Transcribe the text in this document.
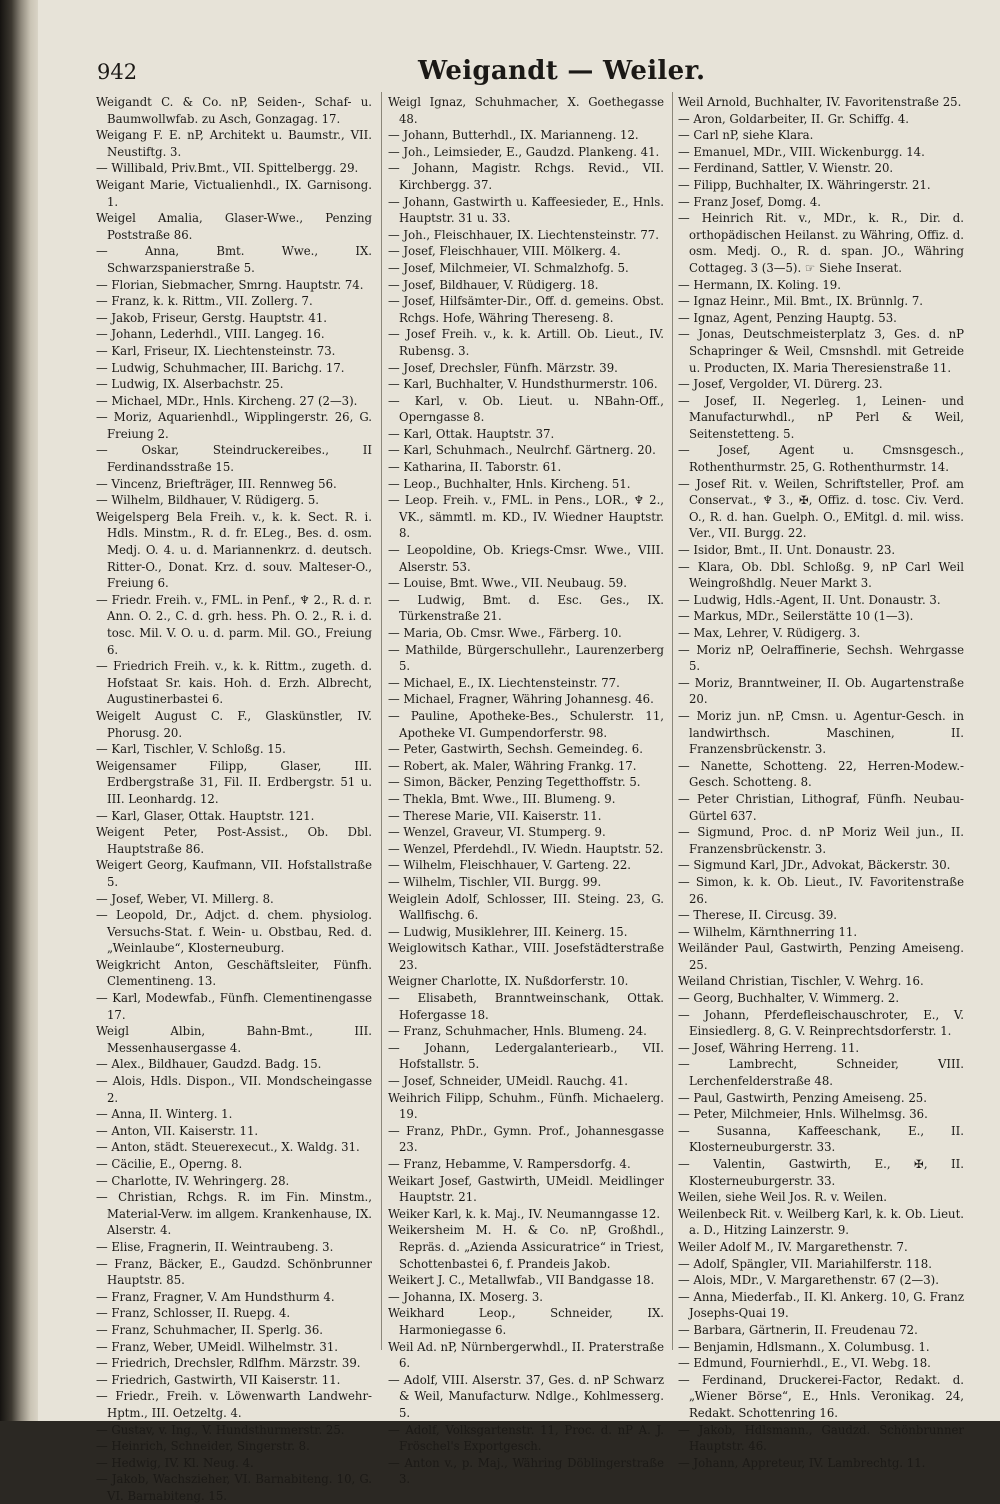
942	Weigandt — Weiler.

Weigandt C. & Co. nP, Seiden-, Schaf- u. Baumwollwfab. zu Asch, Gonzagag. 17.

Weigang F. E. nP, Architekt u. Baumstr., VII. Neustiftg. 3.

— Willibald, Priv.Bmt., VII. Spittelbergg. 29.

Weigant Marie, Victualienhdl., IX. Garnisong. 1.

Weigel Amalia, Glaser-Wwe., Penzing Poststraße 86.

— Anna, Bmt. Wwe., IX. Schwarzspanierstraße 5.

— Florian, Siebmacher, Smrng. Hauptstr. 74.

— Franz, k. k. Rittm., VII. Zollerg. 7.

— Jakob, Friseur, Gerstg. Hauptstr. 41.

— Johann, Lederhdl., VIII. Langeg. 16.

— Karl, Friseur, IX. Liechtensteinstr. 73.

— Ludwig, Schuhmacher, III. Barichg. 17.

— Ludwig, IX. Alserbachstr. 25.

— Michael, MDr., Hnls. Kircheng. 27 (2—3).

— Moriz, Aquarienhdl., Wipplingerstr. 26, G. Freiung 2.

— Oskar, Steindruckereibes., II Ferdinandsstraße 15.

— Vincenz, Briefträger, III. Rennweg 56.

— Wilhelm, Bildhauer, V. Rüdigerg. 5.

Weigelsperg Bela Freih. v., k. k. Sect. R. i. Hdls. Minstm., R. d. fr. ELeg., Bes. d. osm. Medj. O. 4. u. d. Mariannenkrz. d. deutsch. Ritter-O., Donat. Krz. d. souv. Malteser-O., Freiung 6.

— Friedr. Freih. v., FML. in Penf., ♆ 2., R. d. r. Ann. O. 2., C. d. grh. hess. Ph. O. 2., R. i. d. tosc. Mil. V. O. u. d. parm. Mil. GO., Freiung 6.

— Friedrich Freih. v., k. k. Rittm., zugeth. d. Hofstaat Sr. kais. Hoh. d. Erzh. Albrecht, Augustinerbastei 6.

Weigelt August C. F., Glaskünstler, IV. Phorusg. 20.

— Karl, Tischler, V. Schloßg. 15.

Weigensamer Filipp, Glaser, III. Erdbergstraße 31, Fil. II. Erdbergstr. 51 u. III. Leonhardg. 12.

— Karl, Glaser, Ottak. Hauptstr. 121.

Weigent Peter, Post-Assist., Ob. Dbl. Hauptstraße 86.

Weigert Georg, Kaufmann, VII. Hofstallstraße 5.

— Josef, Weber, VI. Millerg. 8.

— Leopold, Dr., Adjct. d. chem. physiolog. Versuchs-Stat. f. Wein- u. Obstbau, Red. d. „Weinlaube“, Klosterneuburg.

Weigkricht Anton, Geschäftsleiter, Fünfh. Clementineng. 13.

— Karl, Modewfab., Fünfh. Clementinengasse 17.

Weigl Albin, Bahn-Bmt., III. Messenhausergasse 4.

— Alex., Bildhauer, Gaudzd. Badg. 15.

— Alois, Hdls. Dispon., VII. Mondscheingasse 2.

— Anna, II. Winterg. 1.

— Anton, VII. Kaiserstr. 11.

— Anton, städt. Steuerexecut., X. Waldg. 31.

— Cäcilie, E., Operng. 8.

— Charlotte, IV. Wehringerg. 28.

— Christian, Rchgs. R. im Fin. Minstm., Material-Verw. im allgem. Krankenhause, IX. Alserstr. 4.

— Elise, Fragnerin, II. Weintraubeng. 3.

— Franz, Bäcker, E., Gaudzd. Schönbrunner Hauptstr. 85.

— Franz, Fragner, V. Am Hundsthurm 4.

— Franz, Schlosser, II. Ruepg. 4.

— Franz, Schuhmacher, II. Sperlg. 36.

— Franz, Weber, UMeidl. Wilhelmstr. 31.

— Friedrich, Drechsler, Rdlfhm. Märzstr. 39.

— Friedrich, Gastwirth, VII Kaiserstr. 11.

— Friedr., Freih. v. Löwenwarth Landwehr-Hptm., III. Oetzeltg. 4.

— Gustav, v. Ing., V. Hundsthurmerstr. 25.

— Heinrich, Schneider, Singerstr. 8.

— Hedwig, IV. Kl. Neug. 4.

— Jakob, Wachszieher, VI. Barnabiteng. 10, G. VI. Barnabiteng. 15.

Weigl Ignaz, Schuhmacher, X. Goethegasse 48.

— Johann, Butterhdl., IX. Marianneng. 12.

— Joh., Leimsieder, E., Gaudzd. Plankeng. 41.

— Johann, Magistr. Rchgs. Revid., VII. Kirchbergg. 37.

— Johann, Gastwirth u. Kaffeesieder, E., Hnls. Hauptstr. 31 u. 33.

— Joh., Fleischhauer, IX. Liechtensteinstr. 77.

— Josef, Fleischhauer, VIII. Mölkerg. 4.

— Josef, Milchmeier, VI. Schmalzhofg. 5.

— Josef, Bildhauer, V. Rüdigerg. 18.

— Josef, Hilfsämter-Dir., Off. d. gemeins. Obst. Rchgs. Hofe, Währing Thereseng. 8.

— Josef Freih. v., k. k. Artill. Ob. Lieut., IV. Rubensg. 3.

— Josef, Drechsler, Fünfh. Märzstr. 39.

— Karl, Buchhalter, V. Hundsthurmerstr. 106.

— Karl, v. Ob. Lieut. u. NBahn-Off., Operngasse 8.

— Karl, Ottak. Hauptstr. 37.

— Karl, Schuhmach., Neulrchf. Gärtnerg. 20.

— Katharina, II. Taborstr. 61.

— Leop., Buchhalter, Hnls. Kircheng. 51.

— Leop. Freih. v., FML. in Pens., LOR., ♆ 2., VK., sämmtl. m. KD., IV. Wiedner Hauptstr. 8.

— Leopoldine, Ob. Kriegs-Cmsr. Wwe., VIII. Alserstr. 53.

— Louise, Bmt. Wwe., VII. Neubaug. 59.

— Ludwig, Bmt. d. Esc. Ges., IX. Türkenstraße 21.

— Maria, Ob. Cmsr. Wwe., Färberg. 10.

— Mathilde, Bürgerschullehr., Laurenzerberg 5.

— Michael, E., IX. Liechtensteinstr. 77.

— Michael, Fragner, Währing Johannesg. 46.

— Pauline, Apotheke-Bes., Schulerstr. 11, Apotheke VI. Gumpendorferstr. 98.

— Peter, Gastwirth, Sechsh. Gemeindeg. 6.

— Robert, ak. Maler, Währing Frankg. 17.

— Simon, Bäcker, Penzing Tegetthoffstr. 5.

— Thekla, Bmt. Wwe., III. Blumeng. 9.

— Therese Marie, VII. Kaiserstr. 11.

— Wenzel, Graveur, VI. Stumperg. 9.

— Wenzel, Pferdehdl., IV. Wiedn. Hauptstr. 52.

— Wilhelm, Fleischhauer, V. Garteng. 22.

— Wilhelm, Tischler, VII. Burgg. 99.

Weiglein Adolf, Schlosser, III. Steing. 23, G. Wallfischg. 6.

— Ludwig, Musiklehrer, III. Keinerg. 15.

Weiglowitsch Kathar., VIII. Josefstädterstraße 23.

Weigner Charlotte, IX. Nußdorferstr. 10.

— Elisabeth, Branntweinschank, Ottak. Hofergasse 18.

— Franz, Schuhmacher, Hnls. Blumeng. 24.

— Johann, Ledergalanteriearb., VII. Hofstallstr. 5.

— Josef, Schneider, UMeidl. Rauchg. 41.

Weihrich Filipp, Schuhm., Fünfh. Michaelerg. 19.

— Franz, PhDr., Gymn. Prof., Johannesgasse 23.

— Franz, Hebamme, V. Rampersdorfg. 4.

Weikart Josef, Gastwirth, UMeidl. Meidlinger Hauptstr. 21.

Weiker Karl, k. k. Maj., IV. Neumanngasse 12.

Weikersheim M. H. & Co. nP, Großhdl., Repräs. d. „Azienda Assicuratrice“ in Triest, Schottenbastei 6, f. Prandeis Jakob.

Weikert J. C., Metallwfab., VII Bandgasse 18.

— Johanna, IX. Moserg. 3.

Weikhard Leop., Schneider, IX. Harmoniegasse 6.

Weil Ad. nP, Nürnbergerwhdl., II. Praterstraße 6.

— Adolf, VIII. Alserstr. 37, Ges. d. nP Schwarz & Weil, Manufacturw. Ndlge., Kohlmesserg. 5.

— Adolf, Volksgartenstr. 11, Proc. d. nP A. J. Fröschel's Exportgesch.

— Anton v., p. Maj., Währing Döblingerstraße 3.

Weil Arnold, Buchhalter, IV. Favoritenstraße 25.

— Aron, Goldarbeiter, II. Gr. Schiffg. 4.

— Carl nP, siehe Klara.

— Emanuel, MDr., VIII. Wickenburgg. 14.

— Ferdinand, Sattler, V. Wienstr. 20.

— Filipp, Buchhalter, IX. Währingerstr. 21.

— Franz Josef, Domg. 4.

— Heinrich Rit. v., MDr., k. R., Dir. d. orthopädischen Heilanst. zu Währing, Offiz. d. osm. Medj. O., R. d. span. JO., Währing Cottageg. 3 (3—5). ☞ Siehe Inserat.

— Hermann, IX. Koling. 19.

— Ignaz Heinr., Mil. Bmt., IX. Brünnlg. 7.

— Ignaz, Agent, Penzing Hauptg. 53.

— Jonas, Deutschmeisterplatz 3, Ges. d. nP Schapringer & Weil, Cmsnshdl. mit Getreide u. Producten, IX. Maria Theresienstraße 11.

— Josef, Vergolder, VI. Dürerg. 23.

— Josef, II. Negerleg. 1, Leinen- und Manufacturwhdl., nP Perl & Weil, Seitenstetteng. 5.

— Josef, Agent u. Cmsnsgesch., Rothenthurmstr. 25, G. Rothenthurmstr. 14.

— Josef Rit. v. Weilen, Schriftsteller, Prof. am Conservat., ♆ 3., ✠, Offiz. d. tosc. Civ. Verd. O., R. d. han. Guelph. O., EMitgl. d. mil. wiss. Ver., VII. Burgg. 22.

— Isidor, Bmt., II. Unt. Donaustr. 23.

— Klara, Ob. Dbl. Schloßg. 9, nP Carl Weil Weingroßhdlg. Neuer Markt 3.

— Ludwig, Hdls.-Agent, II. Unt. Donaustr. 3.

— Markus, MDr., Seilerstätte 10 (1—3).

— Max, Lehrer, V. Rüdigerg. 3.

— Moriz nP, Oelraffinerie, Sechsh. Wehrgasse 5.

— Moriz, Branntweiner, II. Ob. Augartenstraße 20.

— Moriz jun. nP, Cmsn. u. Agentur-Gesch. in landwirthsch. Maschinen, II. Franzensbrückenstr. 3.

— Nanette, Schotteng. 22, Herren-Modew.-Gesch. Schotteng. 8.

— Peter Christian, Lithograf, Fünfh. Neubau-Gürtel 637.

— Sigmund, Proc. d. nP Moriz Weil jun., II. Franzensbrückenstr. 3.

— Sigmund Karl, JDr., Advokat, Bäckerstr. 30.

— Simon, k. k. Ob. Lieut., IV. Favoritenstraße 26.

— Therese, II. Circusg. 39.

— Wilhelm, Kärnthnerring 11.

Weiländer Paul, Gastwirth, Penzing Ameiseng. 25.

Weiland Christian, Tischler, V. Wehrg. 16.

— Georg, Buchhalter, V. Wimmerg. 2.

— Johann, Pferdefleischauschroter, E., V. Einsiedlerg. 8, G. V. Reinprechtsdorferstr. 1.

— Josef, Währing Herreng. 11.

— Lambrecht, Schneider, VIII. Lerchenfelderstraße 48.

— Paul, Gastwirth, Penzing Ameiseng. 25.

— Peter, Milchmeier, Hnls. Wilhelmsg. 36.

— Susanna, Kaffeeschank, E., II. Klosterneuburgerstr. 33.

— Valentin, Gastwirth, E., ✠, II. Klosterneuburgerstr. 33.

Weilen, siehe Weil Jos. R. v. Weilen.

Weilenbeck Rit. v. Weilberg Karl, k. k. Ob. Lieut. a. D., Hitzing Lainzerstr. 9.

Weiler Adolf M., IV. Margarethenstr. 7.

— Adolf, Spängler, VII. Mariahilferstr. 118.

— Alois, MDr., V. Margarethenstr. 67 (2—3).

— Anna, Miederfab., II. Kl. Ankerg. 10, G. Franz Josephs-Quai 19.

— Barbara, Gärtnerin, II. Freudenau 72.

— Benjamin, Hdlsmann., X. Columbusg. 1.

— Edmund, Fournierhdl., E., VI. Webg. 18.

— Ferdinand, Druckerei-Factor, Redakt. d. „Wiener Börse“, E., Hnls. Veronikag. 24, Redakt. Schottenring 16.

— Jakob, Hdlsmann., Gaudzd. Schönbrunner Hauptstr. 46.

— Johann, Appreteur, IV. Lambrechtg. 11.
